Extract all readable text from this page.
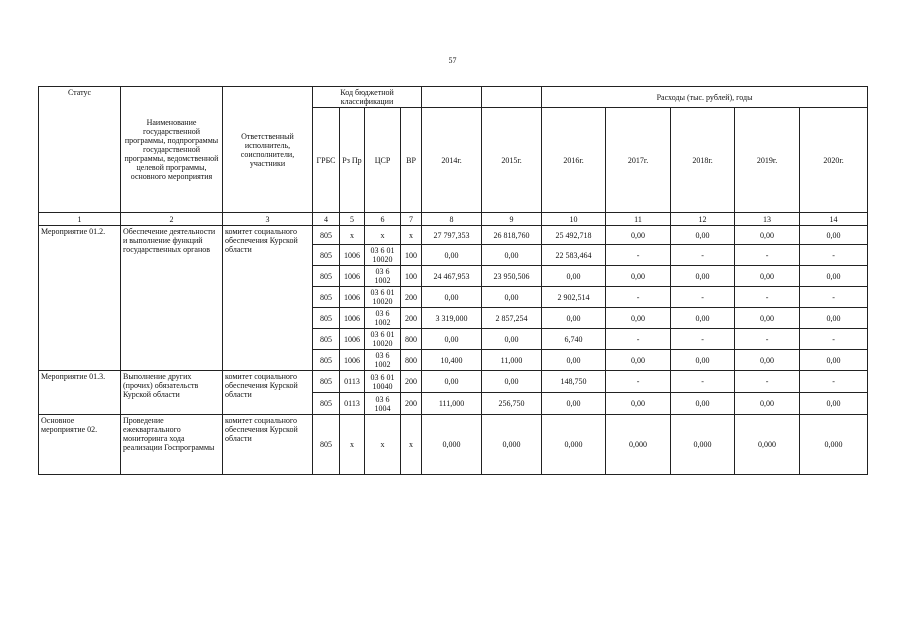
57
Статус	Наименование государственной программы, подпрограммы государственной программы, ведомственной целевой программы, основного мероприятия	Ответственный исполнитель, соисполнители, участники	Код бюджетной классификации						Расходы (тыс. рублей), годы				
			ГРБС	Рз Пр	ЦСР	ВР	2014г.	2015г.	2016г.	2017г.	2018г.	2019г.	2020г.
1	2	3	4	5	6	7	8	9	10	11	12	13	14
Мероприятие 01.2.	Обеспечение деятельности и выполнение функций государственных органов	комитет социального обеспечения Курской области	805	x	x	x	27 797,353	26 818,760	25 492,718	0,00	0,00	0,00	0,00
			805	1006	03 6 01 10020	100	0,00	0,00	22 583,464	-	-	-	-
			805	1006	03 6 1002	100	24 467,953	23 950,506	0,00	0,00	0,00	0,00	0,00
			805	1006	03 6 01 10020	200	0,00	0,00	2 902,514	-	-	-	-
			805	1006	03 6 1002	200	3 319,000	2 857,254	0,00	0,00	0,00	0,00	0,00
			805	1006	03 6 01 10020	800	0,00	0,00	6,740	-	-	-	-
			805	1006	03 6 1002	800	10,400	11,000	0,00	0,00	0,00	0,00	0,00
Мероприятие 01.3.	Выполнение других (прочих) обязательств Курской области	комитет социального обеспечения Курской области	805	0113	03 6 01 10040	200	0,00	0,00	148,750	-	-	-	-
			805	0113	03 6 1004	200	111,000	256,750	0,00	0,00	0,00	0,00	0,00
Основное мероприятие 02.	Проведение ежеквартального мониторинга хода реализации Госпрограммы	комитет социального обеспечения Курской области	805	x	x	x	0,000	0,000	0,000	0,000	0,000	0,000	0,000
